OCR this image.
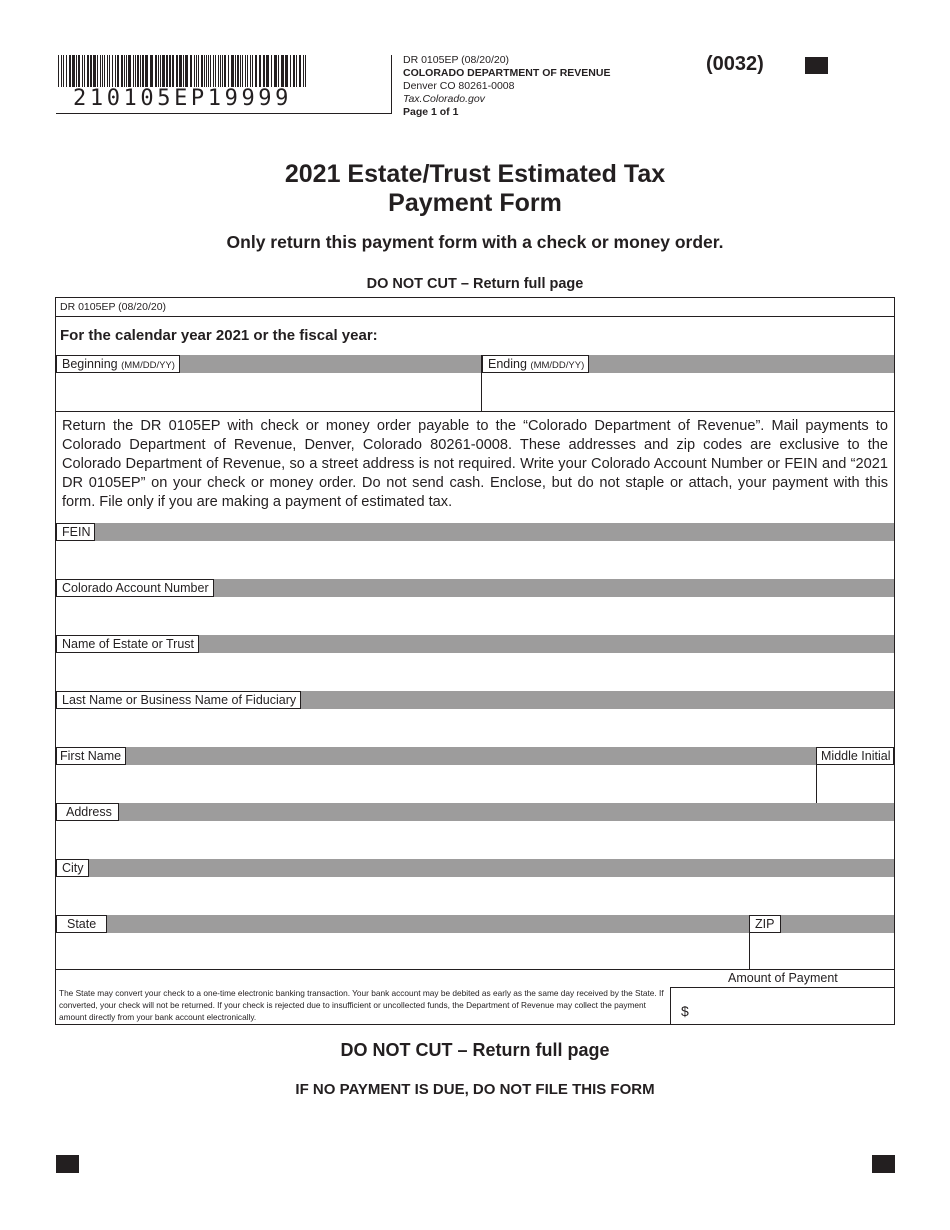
210105EP19999
DR 0105EP (08/20/20)
COLORADO DEPARTMENT OF REVENUE
Denver CO 80261-0008
Tax.Colorado.gov
Page 1 of 1
(0032)
2021 Estate/Trust Estimated Tax
Payment Form
Only return this payment form with a check or money order.
DO NOT CUT – Return full page
DR 0105EP (08/20/20)
For the calendar year 2021 or the fiscal year:
Beginning (MM/DD/YY)	Ending (MM/DD/YY)
Return the DR 0105EP with check or money order payable to the “Colorado Department of Revenue”. Mail payments to Colorado Department of Revenue, Denver, Colorado 80261-0008. These addresses and zip codes are exclusive to the Colorado Department of Revenue, so a street address is not required. Write your Colorado Account Number or FEIN and “2021 DR 0105EP” on your check or money order. Do not send cash. Enclose, but do not staple or attach, your payment with this form. File only if you are making a payment of estimated tax.
FEIN
Colorado Account Number
Name of Estate or Trust
Last Name or Business Name of Fiduciary
First Name	Middle Initial
Address
City
State	ZIP
Amount of Payment
$
The State may convert your check to a one-time electronic banking transaction. Your bank account may be debited as early as the same day received by the State. If converted, your check will not be returned. If your check is rejected due to insufficient or uncollected funds, the Department of Revenue may collect the payment amount directly from your bank account electronically.
DO NOT CUT – Return full page
IF NO PAYMENT IS DUE, DO NOT FILE THIS FORM
